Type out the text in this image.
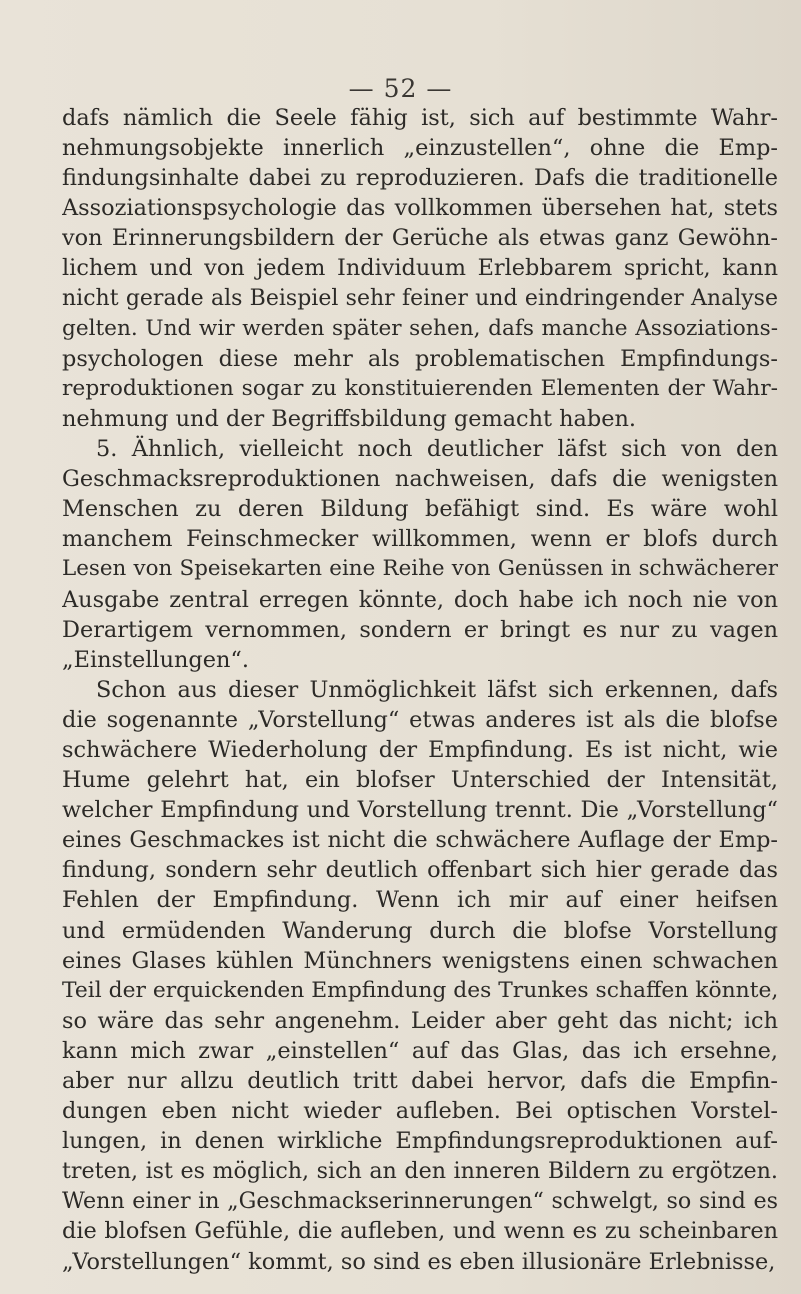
— 52 —
dafs nämlich die Seele fähig ist, sich auf bestimmte Wahr-
nehmungsobjekte innerlich „einzustellen“, ohne die Emp-
findungsinhalte dabei zu reproduzieren. Dafs die traditionelle
Assoziationspsychologie das vollkommen übersehen hat, stets
von Erinnerungsbildern der Gerüche als etwas ganz Gewöhn-
lichem und von jedem Individuum Erlebbarem spricht, kann
nicht gerade als Beispiel sehr feiner und eindringender Analyse
gelten. Und wir werden später sehen, dafs manche Assoziations-
psychologen diese mehr als problematischen Empfindungs-
reproduktionen sogar zu konstituierenden Elementen der Wahr-
nehmung und der Begriffsbildung gemacht haben.
5. Ähnlich, vielleicht noch deutlicher läfst sich von den
Geschmacksreproduktionen nachweisen, dafs die wenigsten
Menschen zu deren Bildung befähigt sind. Es wäre wohl
manchem Feinschmecker willkommen, wenn er blofs durch
Lesen von Speisekarten eine Reihe von Genüssen in schwächerer
Ausgabe zentral erregen könnte, doch habe ich noch nie von
Derartigem vernommen, sondern er bringt es nur zu vagen
„Einstellungen“.
Schon aus dieser Unmöglichkeit läfst sich erkennen, dafs
die sogenannte „Vorstellung“ etwas anderes ist als die blofse
schwächere Wiederholung der Empfindung. Es ist nicht, wie
Hume gelehrt hat, ein blofser Unterschied der Intensität,
welcher Empfindung und Vorstellung trennt. Die „Vorstellung“
eines Geschmackes ist nicht die schwächere Auflage der Emp-
findung, sondern sehr deutlich offenbart sich hier gerade das
Fehlen der Empfindung. Wenn ich mir auf einer heifsen
und ermüdenden Wanderung durch die blofse Vorstellung
eines Glases kühlen Münchners wenigstens einen schwachen
Teil der erquickenden Empfindung des Trunkes schaffen könnte,
so wäre das sehr angenehm. Leider aber geht das nicht; ich
kann mich zwar „einstellen“ auf das Glas, das ich ersehne,
aber nur allzu deutlich tritt dabei hervor, dafs die Empfin-
dungen eben nicht wieder aufleben. Bei optischen Vorstel-
lungen, in denen wirkliche Empfindungsreproduktionen auf-
treten, ist es möglich, sich an den inneren Bildern zu ergötzen.
Wenn einer in „Geschmackserinnerungen“ schwelgt, so sind es
die blofsen Gefühle, die aufleben, und wenn es zu scheinbaren
„Vorstellungen“ kommt, so sind es eben illusionäre Erlebnisse,
